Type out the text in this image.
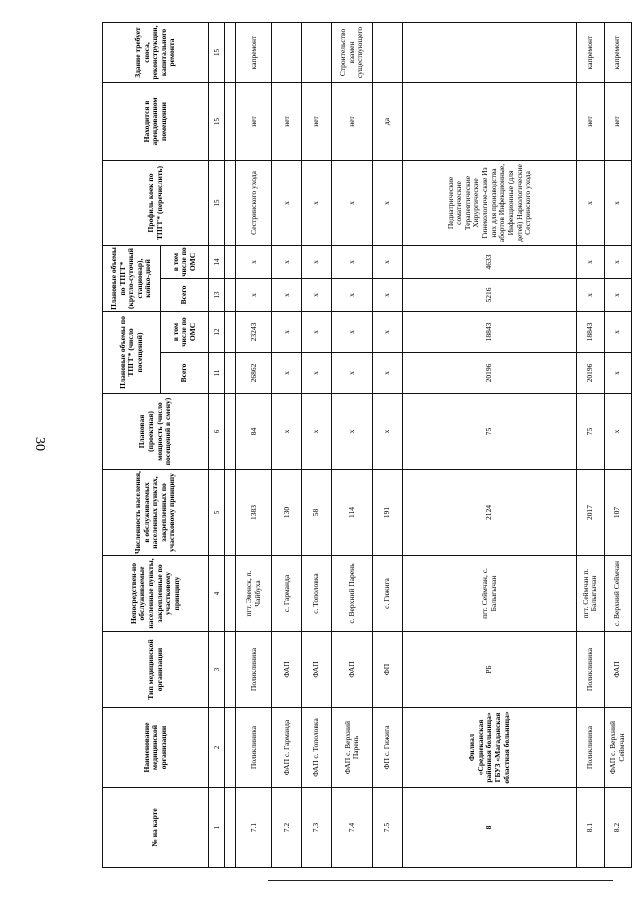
30
№ на карте	Наименование медицинской организации	Тип медицинской организации	Непосредствен-но обслуживаемые населенные пункты, закрепленные по участковому принципу	Численность населения, в обслуживаемых населенных пунктах, закрепленных по участковому принципу	Плановая (проектная) мощность (число посещений в смену)	Плановые объемы по ТПГГ* (число посещений)		Плановые объемы по ТПГГ* (кругло-суточный стационар), койко-дней		Профиль коек по ТПГГ* (перечислить)	Находится в арендованном помещении	Здание требует сноса, реконструкции, капитального ремонта
						Всего	в том числе по ОМС	Всего	в том числе по ОМС			
1	2	3	4	5	6	11	12	13	14	15	15	15

7.1	Поликлиника	Поликлиника	пгт. Эвенск, п. Чайбуха	1383	84	26862	23243	х	х	Сестринского ухода	нет	капремонт
7.2	ФАП с. Гарманда	ФАП	с. Гарманда	130	х	х	х	х	х	х	нет	
7.3	ФАП с. Тополовка	ФАП	с. Тополовка	58	х	х	х	х	х	х	нет	
7.4	ФАП с. Верхний Парень	ФАП	с. Верхний Парень	114	х	х	х	х	х	х	нет	Строительство взамен существующего
7.5	ФП с. Гижига	ФП	с. Гижига	191	х	х	х	х	х	х	да	
8	Филиал «Среднеканская районная больница» ГБУЗ «Магаданская областная больница»	РБ	пгт. Сеймчан, с. Балыгычан	2124	75	20196	18843	5216	4633	Педиатрические соматические Терапевтические Хирургические Гинекологиче-ские Из них для производства абортов Инфекционные, Инфекционные (для детей) Наркологические Сестринского ухода		
8.1	Поликлиника	Поликлиника	пгт. Сеймчан п. Балыгычан	2017	75	20196	18843	х	х	х	нет	капремонт
8.2	ФАП с. Верхний Сеймчан	ФАП	с. Верхний Сеймчан	107	х	х	х	х	х	х	нет	капремонт
